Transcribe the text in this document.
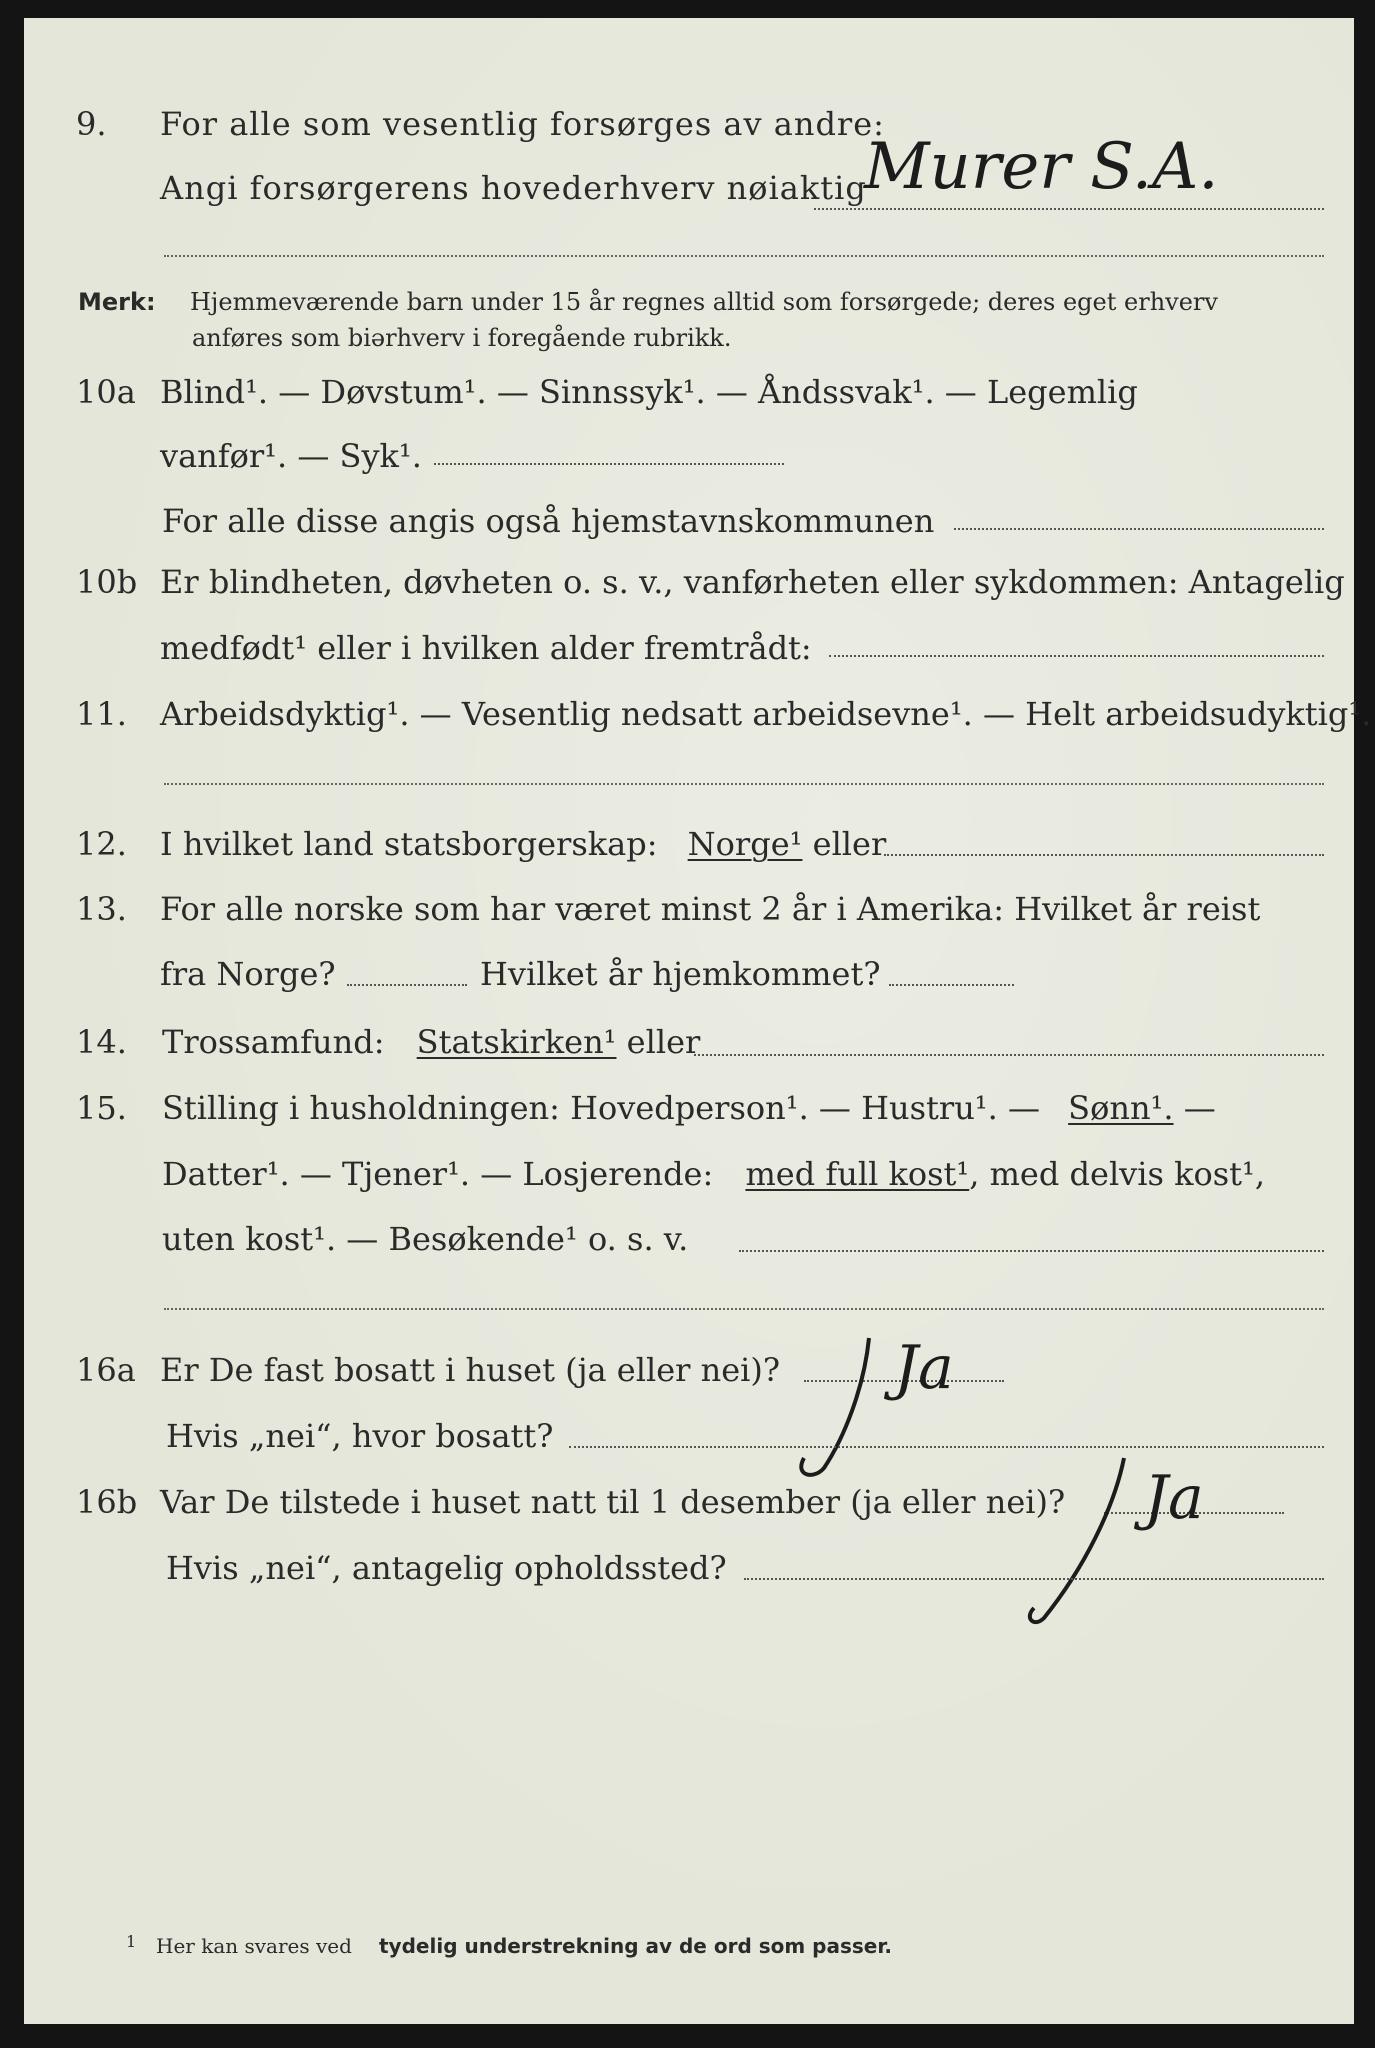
9. For alle som vesentlig forsørges av andre:
Angi forsørgerens hovederhverv nøiaktig
Murer S.A.
Merk: Hjemmeværende barn under 15 år regnes alltid som forsørgede; deres eget erhverv
anføres som biərhverv i foregående rubrikk.
10a Blind¹. — Døvstum¹. — Sinnssyk¹. — Åndssvak¹. — Legemlig
vanfør¹. — Syk¹.
For alle disse angis også hjemstavnskommunen
10b Er blindheten, døvheten o. s. v., vanførheten eller sykdommen: Antagelig
medfødt¹ eller i hvilken alder fremtrådt:
11. Arbeidsdyktig¹. — Vesentlig nedsatt arbeidsevne¹. — Helt arbeidsudyktig¹.
12. I hvilket land statsborgerskap: Norge¹ eller
13. For alle norske som har været minst 2 år i Amerika: Hvilket år reist
fra Norge?	Hvilket år hjemkommet?
14. Trossamfund: Statskirken¹ eller
15. Stilling i husholdningen: Hovedperson¹. — Hustru¹. — Sønn¹. —
Datter¹. — Tjener¹. — Losjerende: med full kost¹, med delvis kost¹,
uten kost¹. — Besøkende¹ o. s. v.
16a Er De fast bosatt i huset (ja eller nei)? Ja
Hvis „nei“, hvor bosatt?
16b Var De tilstede i huset natt til 1 desember (ja eller nei)? Ja
Hvis „nei“, antagelig opholdssted?
1 Her kan svares ved tydelig understrekning av de ord som passer.
